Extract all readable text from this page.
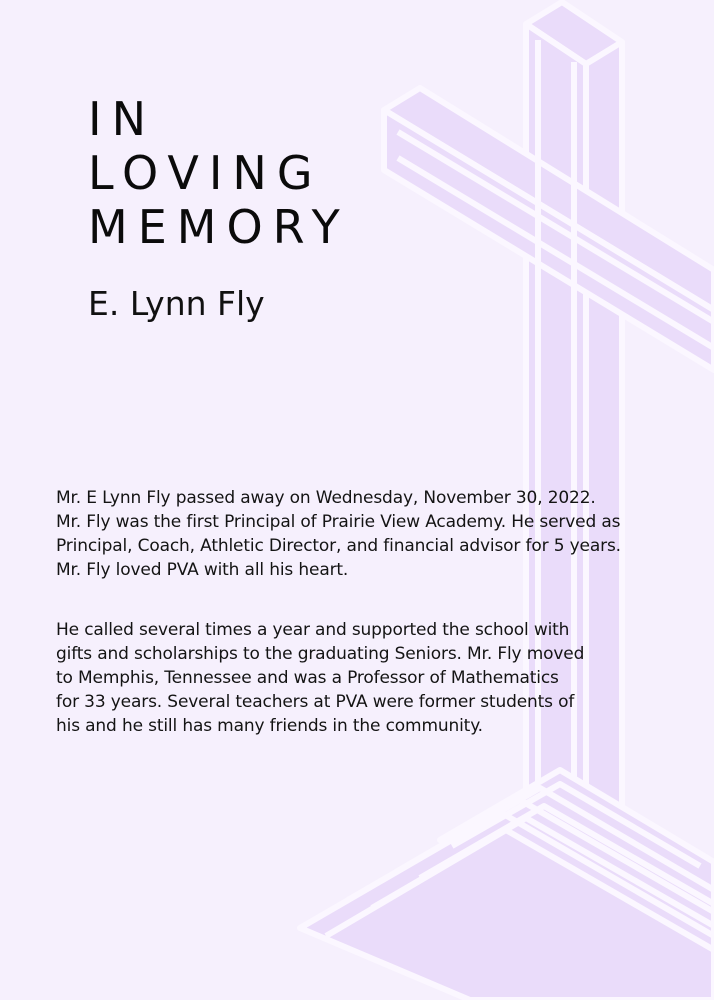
IN
LOVING
MEMORY
E. Lynn Fly

Mr. E Lynn Fly passed away on Wednesday, November 30, 2022.
Mr. Fly was the first Principal of Prairie View Academy. He served as
Principal, Coach, Athletic Director, and financial advisor for 5 years.
Mr. Fly loved PVA with all his heart.

He called several times a year and supported the school with
gifts and scholarships to the graduating Seniors. Mr. Fly moved
to Memphis, Tennessee and was a Professor of Mathematics
for 33 years. Several teachers at PVA were former students of
his and he still has many friends in the community.
